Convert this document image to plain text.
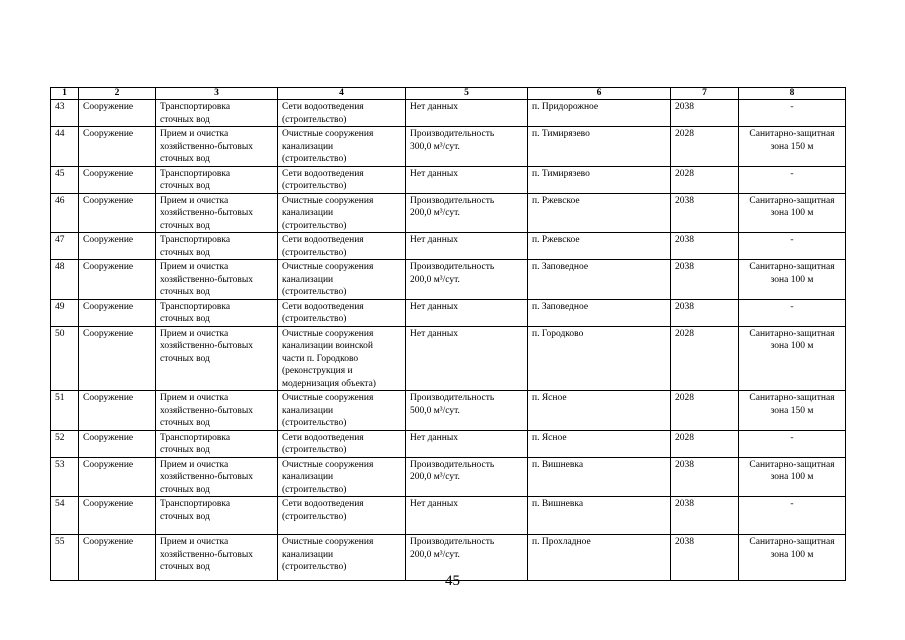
1	2	3	4	5	6	7	8
43	Сооружение	Транспортировка
сточных вод	Сети водоотведения
(строительство)	Нет данных	п. Придорожное	2038	-
44	Сооружение	Прием и очистка
хозяйственно-бытовых
сточных вод	Очистные сооружения
канализации
(строительство)	Производительность
300,0 м³/сут.	п. Тимирязево	2028	Санитарно-защитная
зона 150 м
45	Сооружение	Транспортировка
сточных вод	Сети водоотведения
(строительство)	Нет данных	п. Тимирязево	2028	-
46	Сооружение	Прием и очистка
хозяйственно-бытовых
сточных вод	Очистные сооружения
канализации
(строительство)	Производительность
200,0 м³/сут.	п. Ржевское	2038	Санитарно-защитная
зона 100 м
47	Сооружение	Транспортировка
сточных вод	Сети водоотведения
(строительство)	Нет данных	п. Ржевское	2038	-
48	Сооружение	Прием и очистка
хозяйственно-бытовых
сточных вод	Очистные сооружения
канализации
(строительство)	Производительность
200,0 м³/сут.	п. Заповедное	2038	Санитарно-защитная
зона 100 м
49	Сооружение	Транспортировка
сточных вод	Сети водоотведения
(строительство)	Нет данных	п. Заповедное	2038	-
50	Сооружение	Прием и очистка
хозяйственно-бытовых
сточных вод	Очистные сооружения
канализации воинской
части п. Городково
(реконструкция и
модернизация объекта)	Нет данных	п. Городково	2028	Санитарно-защитная
зона 100 м
51	Сооружение	Прием и очистка
хозяйственно-бытовых
сточных вод	Очистные сооружения
канализации
(строительство)	Производительность
500,0 м³/сут.	п. Ясное	2028	Санитарно-защитная
зона 150 м
52	Сооружение	Транспортировка
сточных вод	Сети водоотведения
(строительство)	Нет данных	п. Ясное	2028	-
53	Сооружение	Прием и очистка
хозяйственно-бытовых
сточных вод	Очистные сооружения
канализации
(строительство)	Производительность
200,0 м³/сут.	п. Вишневка	2038	Санитарно-защитная
зона 100 м
54	Сооружение	Транспортировка
сточных вод	Сети водоотведения
(строительство)	Нет данных	п. Вишневка	2038	-
55	Сооружение	Прием и очистка
хозяйственно-бытовых
сточных вод	Очистные сооружения
канализации
(строительство)	Производительность
200,0 м³/сут.	п. Прохладное	2038	Санитарно-защитная
зона 100 м
45
